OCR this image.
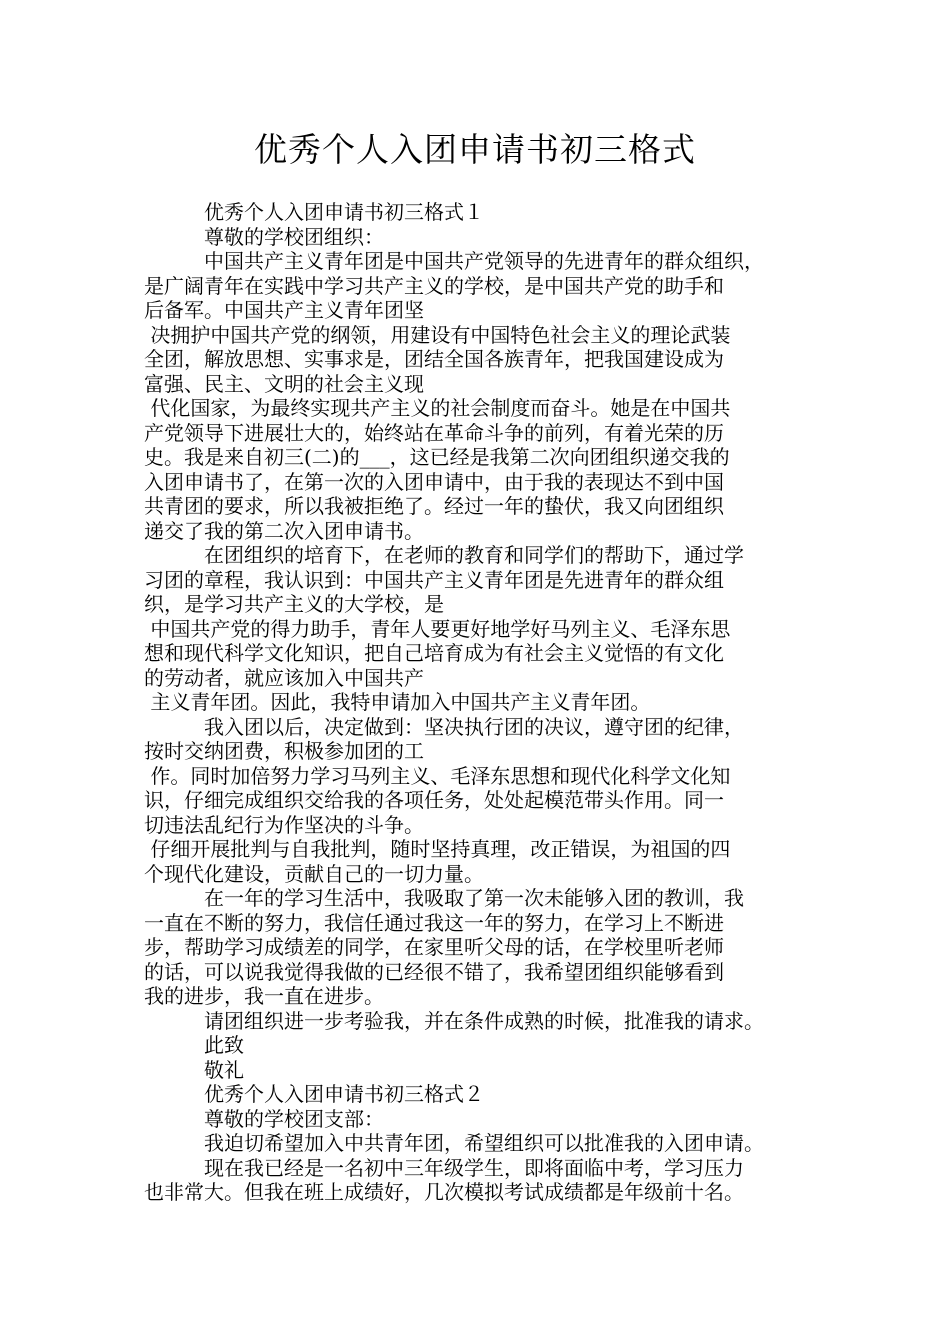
优秀个人入团申请书初三格式
　　　优秀个人入团申请书初三格式１
　　　尊敬的学校团组织：
　　　中国共产主义青年团是中国共产党领导的先进青年的群众组织，
是广阔青年在实践中学习共产主义的学校，是中国共产党的助手和
后备军。中国共产主义青年团坚
决拥护中国共产党的纲领，用建设有中国特色社会主义的理论武装
全团，解放思想、实事求是，团结全国各族青年，把我国建设成为
富强、民主、文明的社会主义现
代化国家，为最终实现共产主义的社会制度而奋斗。她是在中国共
产党领导下进展壮大的，始终站在革命斗争的前列，有着光荣的历
史。我是来自初三(二)的___，这已经是我第二次向团组织递交我的
入团申请书了，在第一次的入团申请中，由于我的表现达不到中国
共青团的要求，所以我被拒绝了。经过一年的蛰伏，我又向团组织
递交了我的第二次入团申请书。
　　　在团组织的培育下，在老师的教育和同学们的帮助下，通过学
习团的章程，我认识到：中国共产主义青年团是先进青年的群众组
织，是学习共产主义的大学校，是
中国共产党的得力助手，青年人要更好地学好马列主义、毛泽东思
想和现代科学文化知识，把自己培育成为有社会主义觉悟的有文化
的劳动者，就应该加入中国共产
主义青年团。因此，我特申请加入中国共产主义青年团。
　　　我入团以后，决定做到：坚决执行团的决议，遵守团的纪律，
按时交纳团费，积极参加团的工
作。同时加倍努力学习马列主义、毛泽东思想和现代化科学文化知
识，仔细完成组织交给我的各项任务，处处起模范带头作用。同一
切违法乱纪行为作坚决的斗争。
仔细开展批判与自我批判，随时坚持真理，改正错误，为祖国的四
个现代化建设，贡献自己的一切力量。
　　　在一年的学习生活中，我吸取了第一次未能够入团的教训，我
一直在不断的努力，我信任通过我这一年的努力，在学习上不断进
步，帮助学习成绩差的同学，在家里听父母的话，在学校里听老师
的话，可以说我觉得我做的已经很不错了，我希望团组织能够看到
我的进步，我一直在进步。
　　　请团组织进一步考验我，并在条件成熟的时候，批准我的请求。
　　　此致
　　　敬礼
　　　优秀个人入团申请书初三格式２
　　　尊敬的学校团支部：
　　　我迫切希望加入中共青年团，希望组织可以批准我的入团申请。
　　　现在我已经是一名初中三年级学生，即将面临中考，学习压力
也非常大。但我在班上成绩好，几次模拟考试成绩都是年级前十名。
